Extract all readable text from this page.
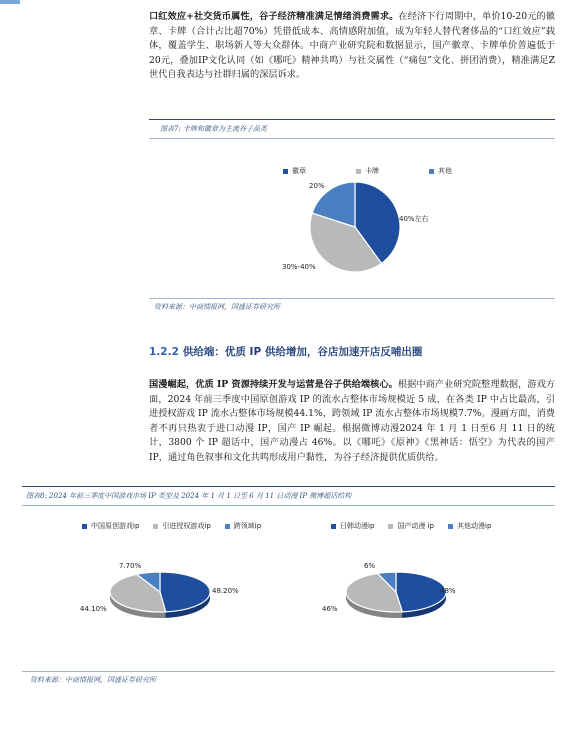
口红效应+社交货币属性，谷子经济精准满足情绪消费需求。在经济下行周期中，单价10-20元的徽章、卡牌（合计占比超70%）凭借低成本、高情感附加值，成为年轻人替代奢侈品的“口红效应”载体，覆盖学生、职场新人等大众群体。中商产业研究院和数据显示，国产徽章、卡牌单价普遍低于 20元，叠加IP文化认同（如《哪吒》精神共鸣）与社交属性（“痛包”文化、拼团消费），精准满足Z世代自我表达与社群归属的深层诉求。
图表7: 卡牌和徽章为主流谷子品类
徽章	卡牌	其他
40%左右
30%-40%
20%
资料来源：中商情报网，国盛证券研究所
1.2.2 供给端：优质 IP 供给增加，谷店加速开店反哺出圈
国漫崛起，优质 IP 资源持续开发与运营是谷子供给端核心。根据中商产业研究院整理数据，游戏方面，2024 年前三季度中国原创游戏 IP 的流水占整体市场规模近 5 成，在各类 IP 中占比最高，引进授权游戏 IP 流水占整体市场规模44.1%，跨领域 IP 流水占整体市场规模7.7%。漫画方面，消费者不再只热衷于进口动漫 IP，国产 IP 崛起。根据微博动漫2024 年 1 月 1 日至6 月 11 日的统计，3800 个 IP 超话中，国产动漫占 46%。以《哪吒》《原神》《黑神话：悟空》为代表的国产 IP，通过角色叙事和文化共鸣形成用户黏性，为谷子经济提供优质供给。
图表8: 2024 年前三季度中国游戏市场 IP 类型及 2024 年 1 月 1 日至 6 月 11 日动漫 IP 微博超话结构
中国原创游戏ip	引进授权游戏ip	跨领域ip	日韩动漫ip	国产动漫 ip	其他动漫ip
48.20%
44.10%
7.70%
48%
46%
6%
资料来源：中商情报网，国盛证券研究所
